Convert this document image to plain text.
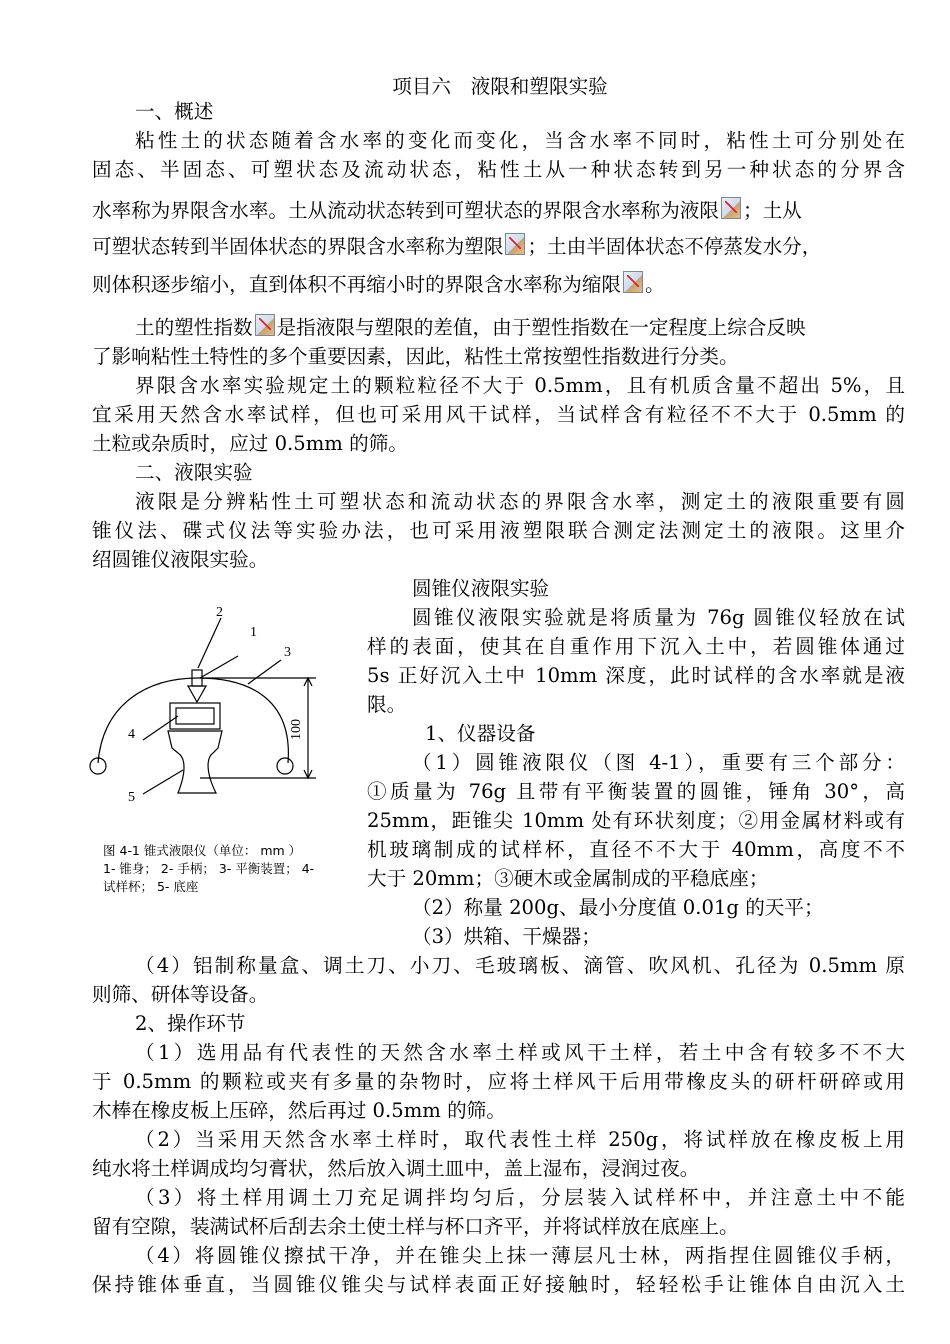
项目六　液限和塑限实验
一、概述
粘性土的状态随着含水率的变化而变化，当含水率不同时，粘性土可分别处在
固态、半固态、可塑状态及流动状态，粘性土从一种状态转到另一种状态的分界含
水率称为界限含水率。土从流动状态转到可塑状态的界限含水率称为液限 ；土从
可塑状态转到半固体状态的界限含水率称为塑限 ；土由半固体状态不停蒸发水分，
则体积逐步缩小，直到体积不再缩小时的界限含水率称为缩限 。
土的塑性指数 是指液限与塑限的差值，由于塑性指数在一定程度上综合反映
了影响粘性土特性的多个重要因素，因此，粘性土常按塑性指数进行分类。
界限含水率实验规定土的颗粒粒径不大于 0.5mm，且有机质含量不超出 5%，且
宜采用天然含水率试样，但也可采用风干试样，当试样含有粒径不不大于 0.5mm 的
土粒或杂质时，应过 0.5mm 的筛。
二、液限实验
液限是分辨粘性土可塑状态和流动状态的界限含水率，测定土的液限重要有圆
锥仪法、碟式仪法等实验办法，也可采用液塑限联合测定法测定土的液限。这里介
绍圆锥仪液限实验。
圆锥仪液限实验
圆锥仪液限实验就是将质量为 76g 圆锥仪轻放在试
样的表面，使其在自重作用下沉入土中，若圆锥体通过
5s 正好沉入土中 10mm 深度，此时试样的含水率就是液
限。
1、仪器设备
（1）圆锥液限仪（图 4-1），重要有三个部分：
①质量为 76g 且带有平衡装置的圆锥，锤角 30°，高
25mm，距锥尖 10mm 处有环状刻度；②用金属材料或有
机玻璃制成的试样杯，直径不不大于 40mm，高度不不
大于 20mm；③硬木或金属制成的平稳底座；
（2）称量 200g、最小分度值 0.01g 的天平；
（3）烘箱、干燥器；
（4）铝制称量盒、调土刀、小刀、毛玻璃板、滴管、吹风机、孔径为 0.5mm 原
则筛、研体等设备。
2、操作环节
（1）选用品有代表性的天然含水率土样或风干土样，若土中含有较多不不大
于 0.5mm 的颗粒或夹有多量的杂物时，应将土样风干后用带橡皮头的研杆研碎或用
木棒在橡皮板上压碎，然后再过 0.5mm 的筛。
（2）当采用天然含水率土样时，取代表性土样 250g，将试样放在橡皮板上用
纯水将土样调成均匀膏状，然后放入调土皿中，盖上湿布，浸润过夜。
（3）将土样用调土刀充足调拌均匀后，分层装入试样杯中，并注意土中不能
留有空隙，装满试杯后刮去余土使土样与杯口齐平，并将试样放在底座上。
（4）将圆锥仪擦拭干净，并在锥尖上抹一薄层凡士林，两指捏住圆锥仪手柄，
保持锥体垂直，当圆锥仪锥尖与试样表面正好接触时，轻轻松手让锥体自由沉入土
2
1
3
4
5
100
图 4-1 锥式液限仪（单位： mm ）
1- 锥身； 2- 手柄； 3- 平衡装置； 4-
试样杯； 5- 底座
